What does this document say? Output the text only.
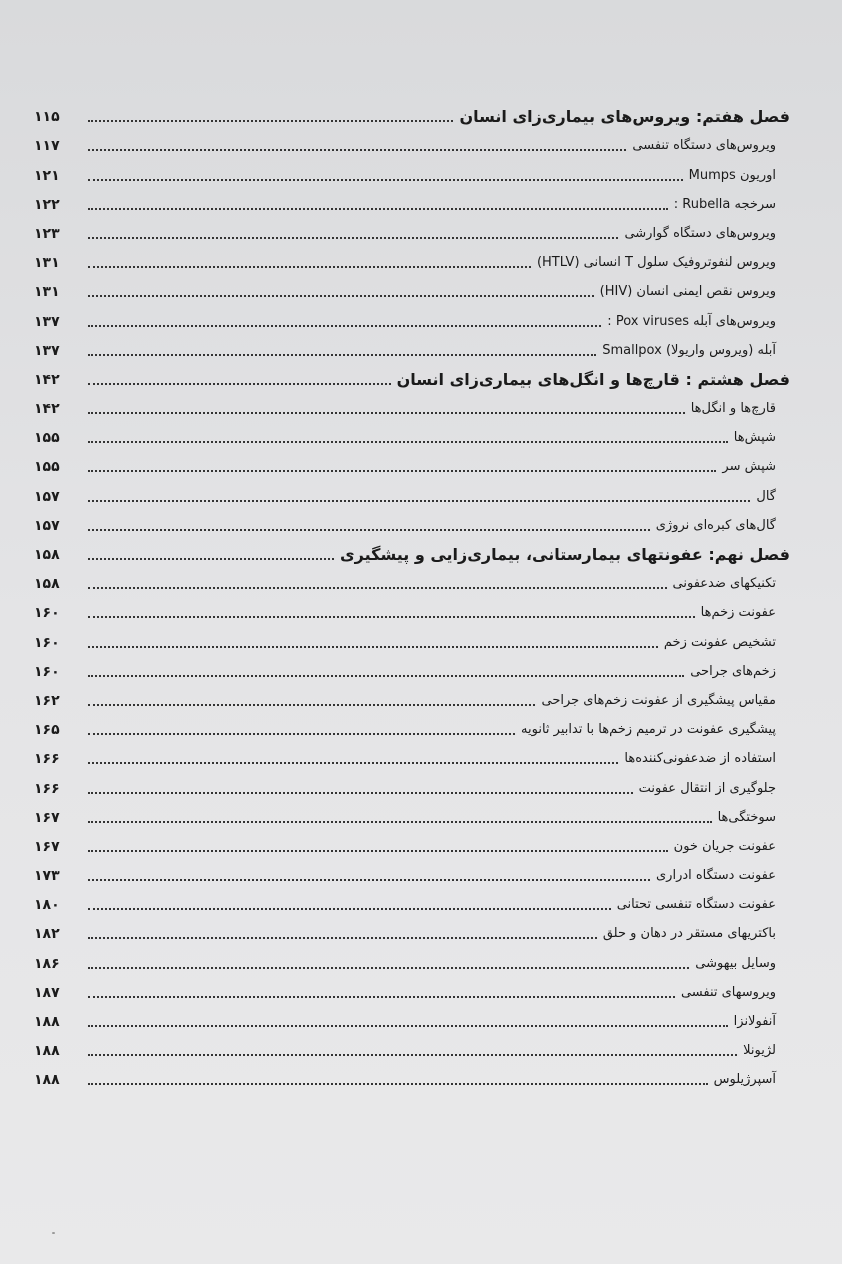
فصل هفتم: ویروس‌های بیماری‌زای انسان
۱۱۵
ویروس‌های دستگاه تنفسی
۱۱۷
اوریون Mumps
۱۲۱
سرخجه Rubella :
۱۲۲
ویروس‌های دستگاه گوارشی
۱۲۳
ویروس لنفوتروفیک سلول T انسانی (HTLV)
۱۳۱
ویروس نقص ایمنی انسان (HIV)
۱۳۱
ویروس‌های آبله Pox viruses :
۱۳۷
آبله (ویروس واریولا) Smallpox
۱۳۷
فصل هشتم : قارچ‌ها و انگل‌های بیماری‌زای انسان
۱۴۲
قارچ‌ها و انگل‌ها
۱۴۲
شپش‌ها
۱۵۵
شپش سر
۱۵۵
گال
۱۵۷
گال‌های کبره‌ای نروژی
۱۵۷
فصل نهم: عفونتهای بیمارستانی، بیماری‌زایی و پیشگیری
۱۵۸
تکنیکهای ضدعفونی
۱۵۸
عفونت زخم‌ها
۱۶۰
تشخیص عفونت زخم
۱۶۰
زخم‌های جراحی
۱۶۰
مقیاس پیشگیری از عفونت زخم‌های جراحی
۱۶۲
پیشگیری عفونت در ترمیم زخم‌ها با تدابیر ثانویه
۱۶۵
استفاده از ضدعفونی‌کننده‌ها
۱۶۶
جلوگیری از انتقال عفونت
۱۶۶
سوختگی‌ها
۱۶۷
عفونت جریان خون
۱۶۷
عفونت دستگاه ادراری
۱۷۳
عفونت دستگاه تنفسی تحتانی
۱۸۰
باکتریهای مستقر در دهان و حلق
۱۸۲
وسایل بیهوشی
۱۸۶
ویروسهای تنفسی
۱۸۷
آنفولانزا
۱۸۸
لژیونلا
۱۸۸
آسپرژیلوس
۱۸۸
